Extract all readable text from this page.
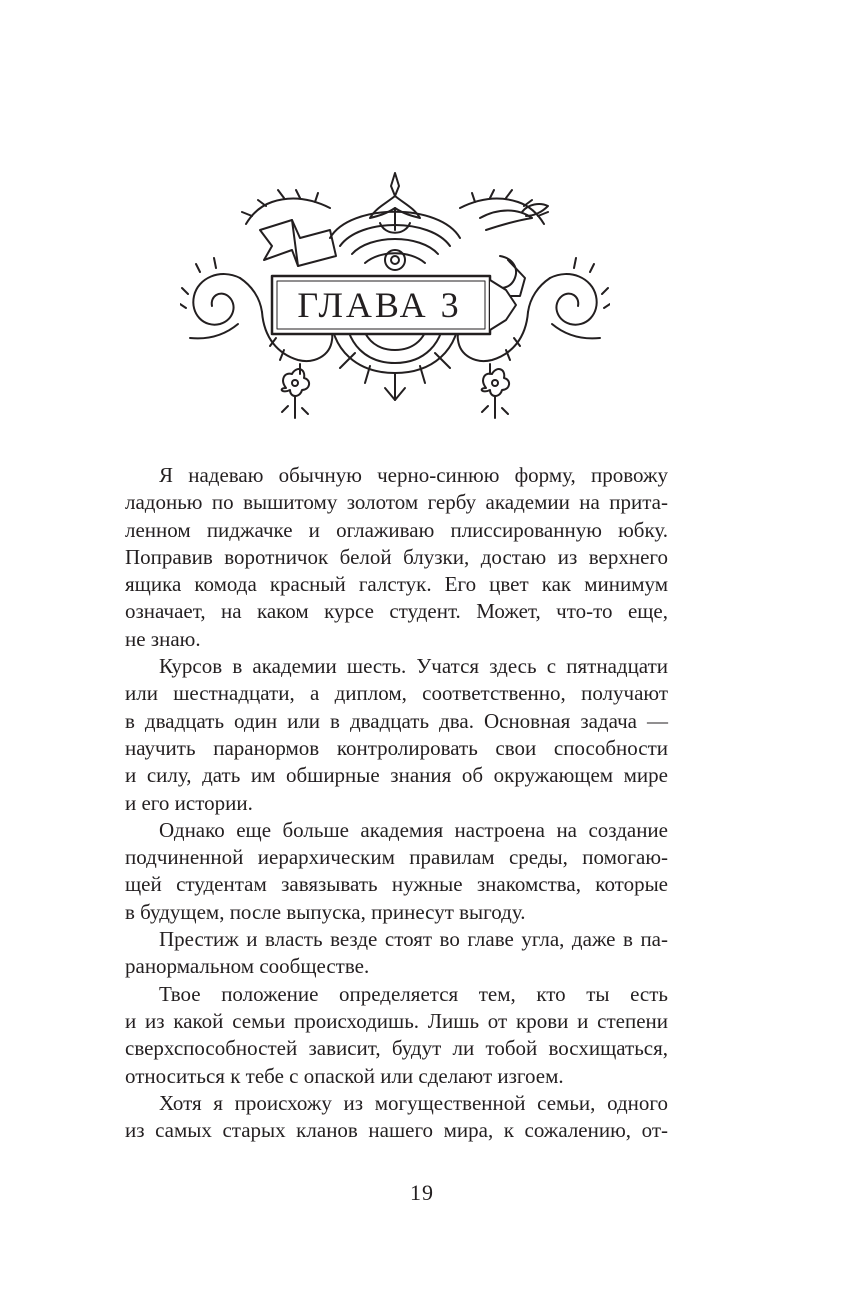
ГЛАВА 3
Я надеваю обычную черно-синюю форму, провожу
ладонью по вышитому золотом гербу академии на прита-
ленном пиджачке и оглаживаю плиссированную юбку.
Поправив воротничок белой блузки, достаю из верхнего
ящика комода красный галстук. Его цвет как минимум
означает, на каком курсе студент. Может, что-то еще,
не знаю.
Курсов в академии шесть. Учатся здесь с пятнадцати
или шестнадцати, а диплом, соответственно, получают
в двадцать один или в двадцать два. Основная задача —
научить паранормов контролировать свои способности
и силу, дать им обширные знания об окружающем мире
и его истории.
Однако еще больше академия настроена на создание
подчиненной иерархическим правилам среды, помогаю-
щей студентам завязывать нужные знакомства, которые
в будущем, после выпуска, принесут выгоду.
Престиж и власть везде стоят во главе угла, даже в па-
ранормальном сообществе.
Твое положение определяется тем, кто ты есть
и из какой семьи происходишь. Лишь от крови и степени
сверхспособностей зависит, будут ли тобой восхищаться,
относиться к тебе с опаской или сделают изгоем.
Хотя я происхожу из могущественной семьи, одного
из самых старых кланов нашего мира, к сожалению, от-
19
